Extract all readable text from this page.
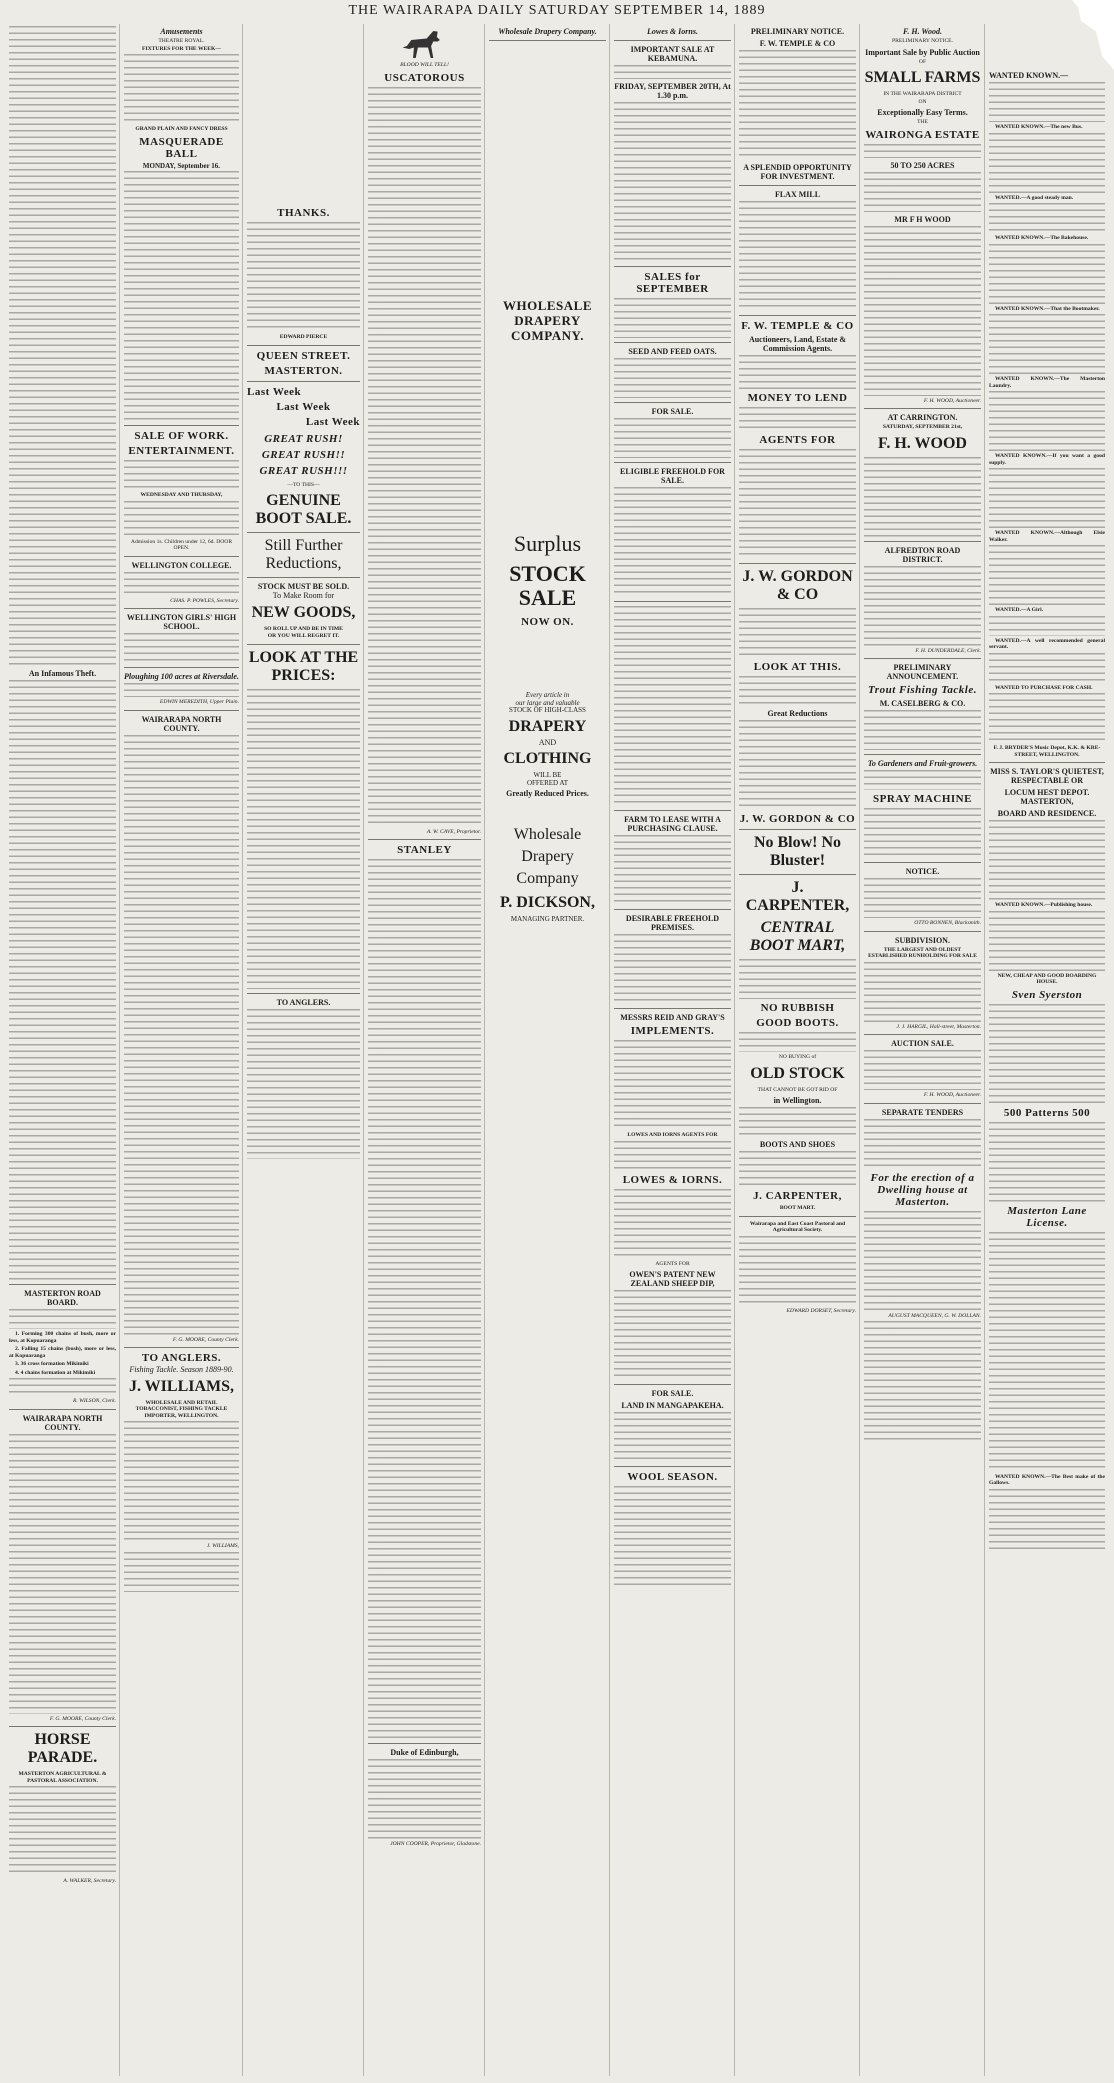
THE WAIRARAPA DAILY SATURDAY SEPTEMBER 14, 1889
An Infamous Theft.
MASTERTON ROAD BOARD.
1. Forming 300 chains of bush, more or less, at Kopuaranga
2. Falling 15 chains (bush), more or less, at Kopuaranga
3. 36 cross formation Mikimiki
4. 4 chains formation at Mikimiki
R. WILSON, Clerk.
WAIRARAPA NORTH COUNTY.
F. G. MOORE, County Clerk.
HORSE PARADE.
MASTERTON AGRICULTURAL & PASTORAL ASSOCIATION.
A. WALKER, Secretary.
Amusements
THEATRE ROYAL.
FIXTURES FOR THE WEEK—
GRAND PLAIN AND FANCY DRESS
MASQUERADE BALL
MONDAY, September 16.
SALE OF WORK.
ENTERTAINMENT.
WEDNESDAY AND THURSDAY,
Admission 1s. Children under 12, 6d. DOOR OPEN.
WELLINGTON COLLEGE.
CHAS. P. POWLES, Secretary.
WELLINGTON GIRLS' HIGH SCHOOL.
Ploughing 100 acres at Riversdale.
EDWIN MEREDITH, Upper Plain.
WAIRARAPA NORTH COUNTY.
F. G. MOORE, County Clerk.
TO ANGLERS.
Fishing Tackle. Season 1889-90.
J. WILLIAMS,
WHOLESALE AND RETAIL TOBACCONIST, FISHING TACKLE IMPORTER, WELLINGTON.
J. WILLIAMS,
THANKS.
EDWARD PIERCE
QUEEN STREET.
MASTERTON.
Last Week
Last Week
Last Week
GREAT RUSH! GREAT RUSH!! GREAT RUSH!!!
—TO THIS—
GENUINE BOOT SALE.
Still Further Reductions,
STOCK MUST BE SOLD.
To Make Room for
NEW GOODS,
SO ROLL UP AND BE IN TIME
OR YOU WILL REGRET IT.
LOOK AT THE PRICES:
TO ANGLERS.
BLOOD WILL TELL!
USCATOROUS
A. W. CAVE, Proprietor.
STANLEY
Duke of Edinburgh,
JOHN COOPER, Proprietor, Gladstone.
Wholesale Drapery Company.
WHOLESALE DRAPERY COMPANY.
Surplus
STOCK SALE
NOW ON.
Every article in
our large and valuable
STOCK OF HIGH-CLASS
DRAPERY
AND
CLOTHING
WILL BE
OFFERED AT
Greatly Reduced Prices.
Wholesale Drapery Company
P. DICKSON,
MANAGING PARTNER.
Lowes & Iorns.
IMPORTANT SALE AT KEBAMUNA.
FRIDAY, SEPTEMBER 20TH, At 1.30 p.m.
SALES for SEPTEMBER
SEED AND FEED OATS.
FOR SALE.
ELIGIBLE FREEHOLD FOR SALE.
FARM TO LEASE WITH A PURCHASING CLAUSE.
DESIRABLE FREEHOLD PREMISES.
MESSRS REID AND GRAY'S
IMPLEMENTS.
LOWES AND IORNS AGENTS FOR
LOWES & IORNS.
AGENTS FOR
OWEN'S PATENT NEW ZEALAND SHEEP DIP,
FOR SALE.
LAND IN MANGAPAKEHA.
WOOL SEASON.
PRELIMINARY NOTICE.
F. W. TEMPLE & CO
A SPLENDID OPPORTUNITY FOR INVESTMENT.
FLAX MILL
F. W. TEMPLE & CO
Auctioneers, Land, Estate & Commission Agents.
MONEY TO LEND
AGENTS FOR
J. W. GORDON & CO
LOOK AT THIS.
Great Reductions
J. W. GORDON & CO
No Blow! No Bluster!
J. CARPENTER,
CENTRAL BOOT MART,
NO RUBBISH
GOOD BOOTS.
NO BUYING of
OLD STOCK
THAT CANNOT BE GOT RID OF
in Wellington.
BOOTS AND SHOES
J. CARPENTER,
BOOT MART.
Wairarapa and East Coast Pastoral and Agricultural Society.
EDWARD DORSET, Secretary.
F. H. Wood.
PRELIMINARY NOTICE.
Important Sale by Public Auction
OF
SMALL FARMS
IN THE WAIRARAPA DISTRICT
ON
Exceptionally Easy Terms.
THE
WAIRONGA ESTATE
50 TO 250 ACRES
MR F H WOOD
F. H. WOOD, Auctioneer.
AT CARRINGTON.
SATURDAY, SEPTEMBER 21st,
F. H. WOOD
ALFREDTON ROAD DISTRICT.
F. H. DUNDERDALE, Clerk.
PRELIMINARY ANNOUNCEMENT.
Trout Fishing Tackle.
M. CASELBERG & CO.
To Gardeners and Fruit-growers.
SPRAY MACHINE
NOTICE.
OTTO BONNEN, Blacksmith.
SUBDIVISION.
THE LARGEST AND OLDEST ESTABLISHED RUNHOLDING FOR SALE
J. J. HARGIL, Hall-street, Masterton.
AUCTION SALE.
F. H. WOOD, Auctioneer.
SEPARATE TENDERS
For the erection of a Dwelling house at Masterton.
AUGUST MACQUEEN, G. W. DOLLAN.
WANTED KNOWN.—
WANTED KNOWN.—The new Bus.
WANTED.—A good steady man.
WANTED KNOWN.—The Bakehouse.
WANTED KNOWN.—That the Bootmaker.
WANTED KNOWN.—The Masterton Laundry.
WANTED KNOWN.—If you want a good supply.
WANTED KNOWN.—Although Elsie Walker.
WANTED.—A Girl.
WANTED.—A well recommended general servant.
WANTED TO PURCHASE FOR CASH.
F. J. BRYDER'S Music Depot, K.K. & KRE-STREET, WELLINGTON.
MISS S. TAYLOR'S QUIETEST, RESPECTABLE OR
LOCUM HEST DEPOT. MASTERTON,
BOARD AND RESIDENCE.
WANTED KNOWN.—Publishing house.
NEW, CHEAP AND GOOD BOARDING HOUSE.
Sven Syerston
500 Patterns 500
Masterton Lane License.
WANTED KNOWN.—The Best make of the Gallows.
